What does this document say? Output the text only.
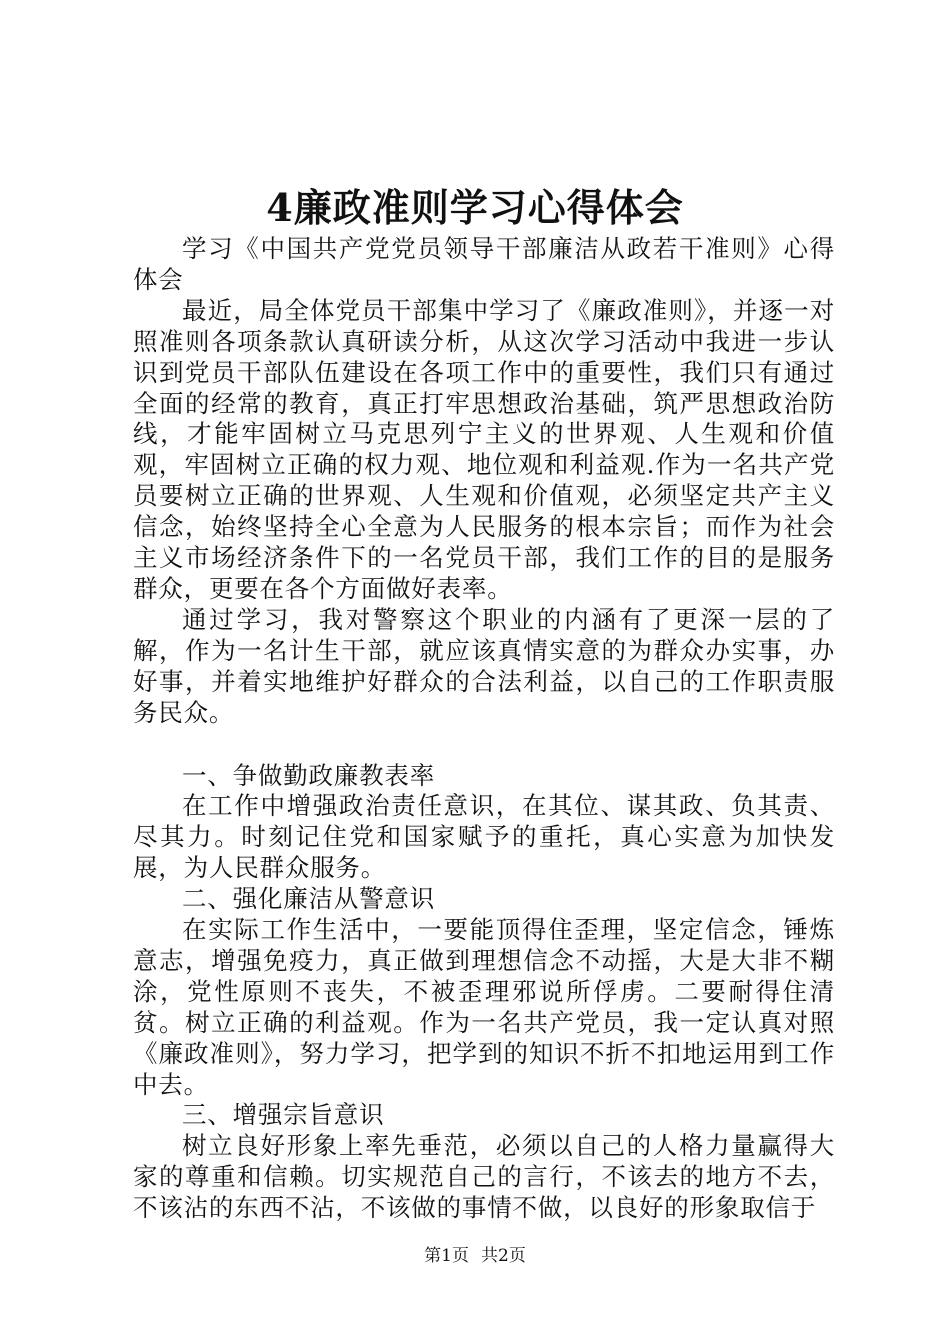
4廉政准则学习心得体会

学习《中国共产党党员领导干部廉洁从政若干准则》心得体会

最近，局全体党员干部集中学习了《廉政准则》，并逐一对照准则各项条款认真研读分析，从这次学习活动中我进一步认识到党员干部队伍建设在各项工作中的重要性，我们只有通过全面的经常的教育，真正打牢思想政治基础，筑严思想政治防线，才能牢固树立马克思列宁主义的世界观、人生观和价值观，牢固树立正确的权力观、地位观和利益观.作为一名共产党员要树立正确的世界观、人生观和价值观，必须坚定共产主义信念，始终坚持全心全意为人民服务的根本宗旨；而作为社会主义市场经济条件下的一名党员干部，我们工作的目的是服务群众，更要在各个方面做好表率。

通过学习，我对警察这个职业的内涵有了更深一层的了解，作为一名计生干部，就应该真情实意的为群众办实事，办好事，并着实地维护好群众的合法利益，以自己的工作职责服务民众。

一、争做勤政廉教表率

在工作中增强政治责任意识，在其位、谋其政、负其责、尽其力。时刻记住党和国家赋予的重托，真心实意为加快发展，为人民群众服务。

二、强化廉洁从警意识

在实际工作生活中，一要能顶得住歪理，坚定信念，锤炼意志，增强免疫力，真正做到理想信念不动摇，大是大非不糊涂，党性原则不丧失，不被歪理邪说所俘虏。二要耐得住清贫。树立正确的利益观。作为一名共产党员，我一定认真对照《廉政准则》，努力学习，把学到的知识不折不扣地运用到工作中去。

三、增强宗旨意识

树立良好形象上率先垂范，必须以自己的人格力量赢得大家的尊重和信赖。切实规范自己的言行，不该去的地方不去，不该沾的东西不沾，不该做的事情不做，以良好的形象取信于

第1页 共2页
